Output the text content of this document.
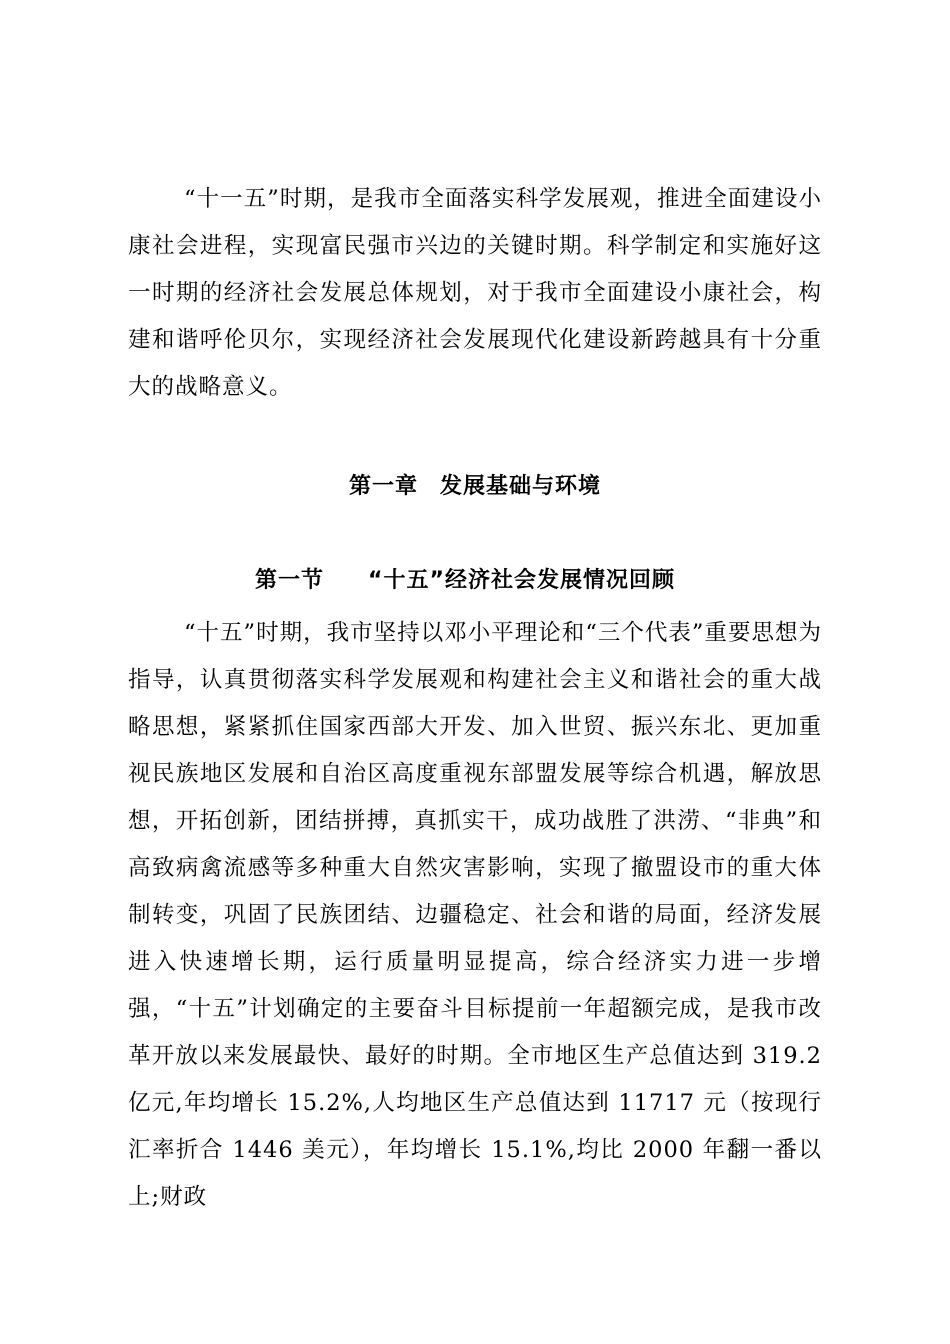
“十一五”时期，是我市全面落实科学发展观，推进全面建设小康社会进程，实现富民强市兴边的关键时期。科学制定和实施好这一时期的经济社会发展总体规划，对于我市全面建设小康社会，构建和谐呼伦贝尔，实现经济社会发展现代化建设新跨越具有十分重大的战略意义。

第一章 发展基础与环境
第一节 “十五”经济社会发展情况回顾

“十五”时期，我市坚持以邓小平理论和“三个代表”重要思想为指导，认真贯彻落实科学发展观和构建社会主义和谐社会的重大战略思想，紧紧抓住国家西部大开发、加入世贸、振兴东北、更加重视民族地区发展和自治区高度重视东部盟发展等综合机遇，解放思想，开拓创新，团结拼搏，真抓实干，成功战胜了洪涝、“非典”和高致病禽流感等多种重大自然灾害影响，实现了撤盟设市的重大体制转变，巩固了民族团结、边疆稳定、社会和谐的局面，经济发展进入快速增长期，运行质量明显提高，综合经济实力进一步增强，“十五”计划确定的主要奋斗目标提前一年超额完成，是我市改革开放以来发展最快、最好的时期。全市地区生产总值达到 319.2 亿元,年均增长 15.2%,人均地区生产总值达到 11717 元（按现行汇率折合 1446 美元），年均增长 15.1%,均比 2000 年翻一番以上;财政
